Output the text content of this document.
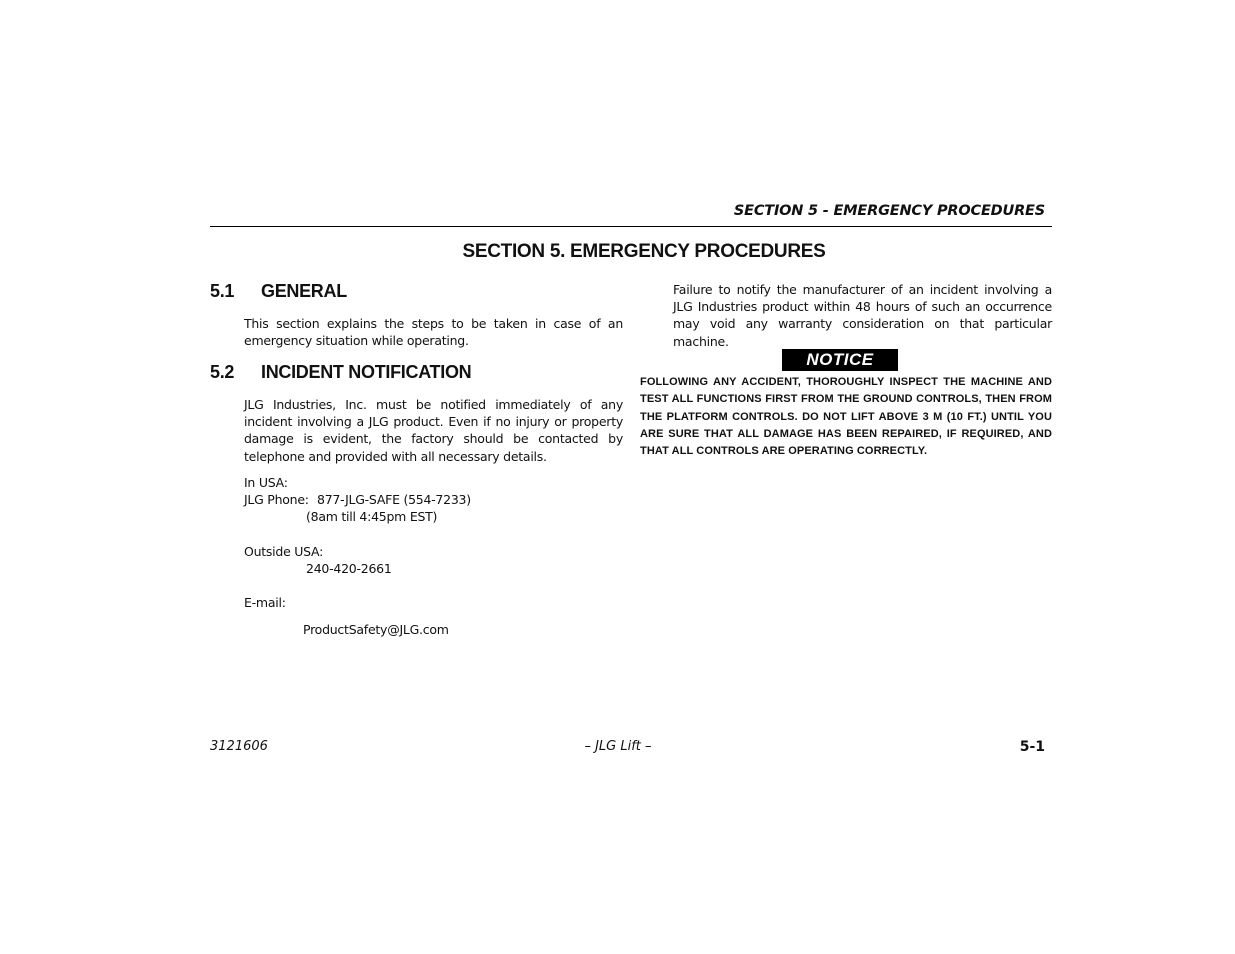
SECTION 5 - EMERGENCY PROCEDURES
SECTION 5. EMERGENCY PROCEDURES
5.1 GENERAL
This section explains the steps to be taken in case of an emergency situation while operating.
5.2 INCIDENT NOTIFICATION
JLG Industries, Inc. must be notified immediately of any incident involving a JLG product. Even if no injury or property damage is evident, the factory should be contacted by telephone and provided with all necessary details.
In USA:
JLG Phone: 877-JLG-SAFE (554-7233)
(8am till 4:45pm EST)
Outside USA:
240-420-2661
E-mail:
ProductSafety@JLG.com
Failure to notify the manufacturer of an incident involving a JLG Industries product within 48 hours of such an occurrence may void any warranty consideration on that particular machine.
NOTICE
FOLLOWING ANY ACCIDENT, THOROUGHLY INSPECT THE MACHINE AND TEST ALL FUNCTIONS FIRST FROM THE GROUND CONTROLS, THEN FROM THE PLATFORM CONTROLS. DO NOT LIFT ABOVE 3 M (10 FT.) UNTIL YOU ARE SURE THAT ALL DAMAGE HAS BEEN REPAIRED, IF REQUIRED, AND THAT ALL CONTROLS ARE OPERATING CORRECTLY.
3121606	– JLG Lift –	5-1
